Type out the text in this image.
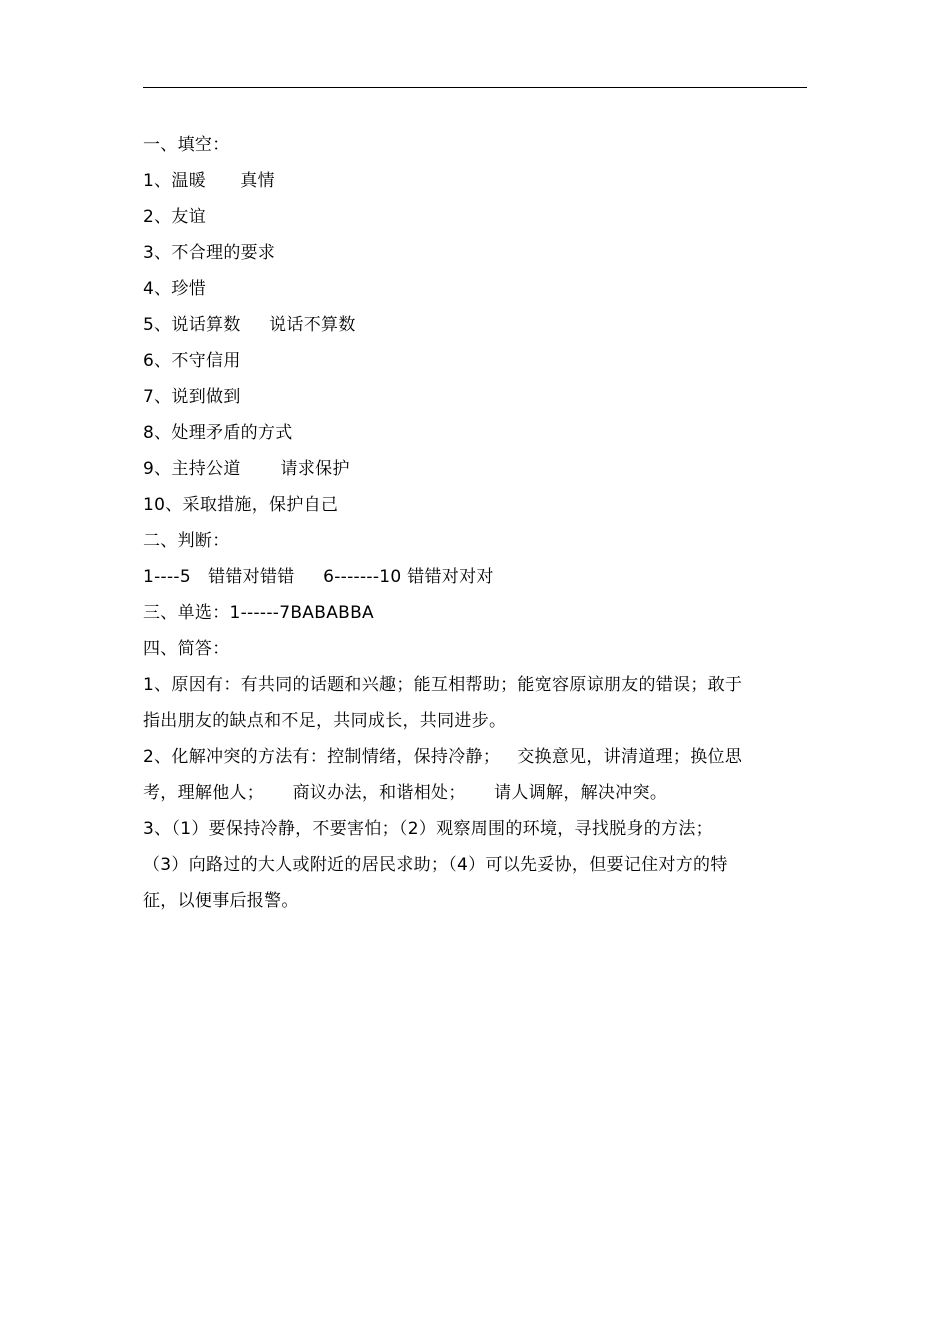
一、填空：
1、温暖      真情
2、友谊
3、不合理的要求
4、珍惜
5、说话算数     说话不算数
6、不守信用
7、说到做到
8、处理矛盾的方式
9、主持公道       请求保护
10、采取措施，保护自己
二、判断：
1----5   错错对错错     6-------10 错错对对对
三、单选：1------7BABABBA
四、简答：
1、原因有：有共同的话题和兴趣；能互相帮助；能宽容原谅朋友的错误；敢于
指出朋友的缺点和不足，共同成长，共同进步。
2、化解冲突的方法有：控制情绪，保持冷静；   交换意见，讲清道理；换位思
考，理解他人；     商议办法，和谐相处；     请人调解，解决冲突。
3、（1）要保持冷静，不要害怕；（2）观察周围的环境，寻找脱身的方法；
（3）向路过的大人或附近的居民求助；（4）可以先妥协，但要记住对方的特
征，以便事后报警。
